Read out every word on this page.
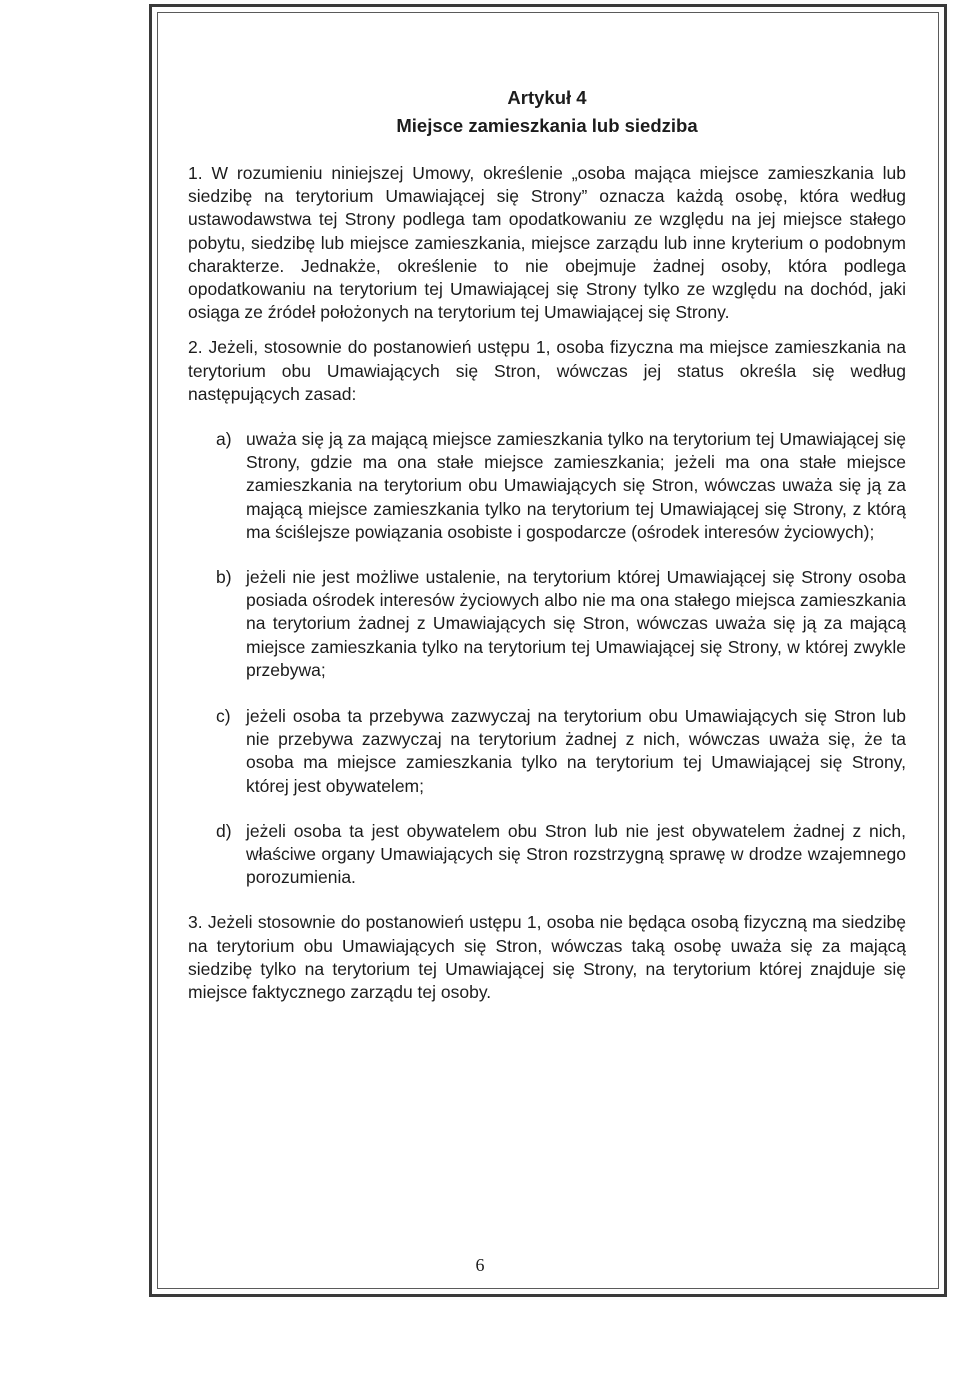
Artykuł 4

Miejsce zamieszkania lub siedziba

1. W rozumieniu niniejszej Umowy, określenie „osoba mająca miejsce zamieszkania lub siedzibę na terytorium Umawiającej się Strony” oznacza każdą osobę, która według ustawodawstwa tej Strony podlega tam opodatkowaniu ze względu na jej miejsce stałego pobytu, siedzibę lub miejsce zamieszkania, miejsce zarządu lub inne kryterium o podobnym charakterze. Jednakże, określenie to nie obejmuje żadnej osoby, która podlega opodatkowaniu na terytorium tej Umawiającej się Strony tylko ze względu na dochód, jaki osiąga ze źródeł położonych na terytorium tej Umawiającej się Strony.

2. Jeżeli, stosownie do postanowień ustępu 1, osoba fizyczna ma miejsce zamieszkania na terytorium obu Umawiających się Stron, wówczas jej status określa się według następujących zasad:

a) uważa się ją za mającą miejsce zamieszkania tylko na terytorium tej Umawiającej się Strony, gdzie ma ona stałe miejsce zamieszkania; jeżeli ma ona stałe miejsce zamieszkania na terytorium obu Umawiających się Stron, wówczas uważa się ją za mającą miejsce zamieszkania tylko na terytorium tej Umawiającej się Strony, z którą ma ściślejsze powiązania osobiste i gospodarcze (ośrodek interesów życiowych);
b) jeżeli nie jest możliwe ustalenie, na terytorium której Umawiającej się Strony osoba posiada ośrodek interesów życiowych albo nie ma ona stałego miejsca zamieszkania na terytorium żadnej z Umawiających się Stron, wówczas uważa się ją za mającą miejsce zamieszkania tylko na terytorium tej Umawiającej się Strony, w której zwykle przebywa;
c) jeżeli osoba ta przebywa zazwyczaj na terytorium obu Umawiających się Stron lub nie przebywa zazwyczaj na terytorium żadnej z nich, wówczas uważa się, że ta osoba ma miejsce zamieszkania tylko na terytorium tej Umawiającej się Strony, której jest obywatelem;
d) jeżeli osoba ta jest obywatelem obu Stron lub nie jest obywatelem żadnej z nich, właściwe organy Umawiających się Stron rozstrzygną sprawę w drodze wzajemnego porozumienia.

3. Jeżeli stosownie do postanowień ustępu 1, osoba nie będąca osobą fizyczną ma siedzibę na terytorium obu Umawiających się Stron, wówczas taką osobę uważa się za mającą siedzibę tylko na terytorium tej Umawiającej się Strony, na terytorium której znajduje się miejsce faktycznego zarządu tej osoby.

6
